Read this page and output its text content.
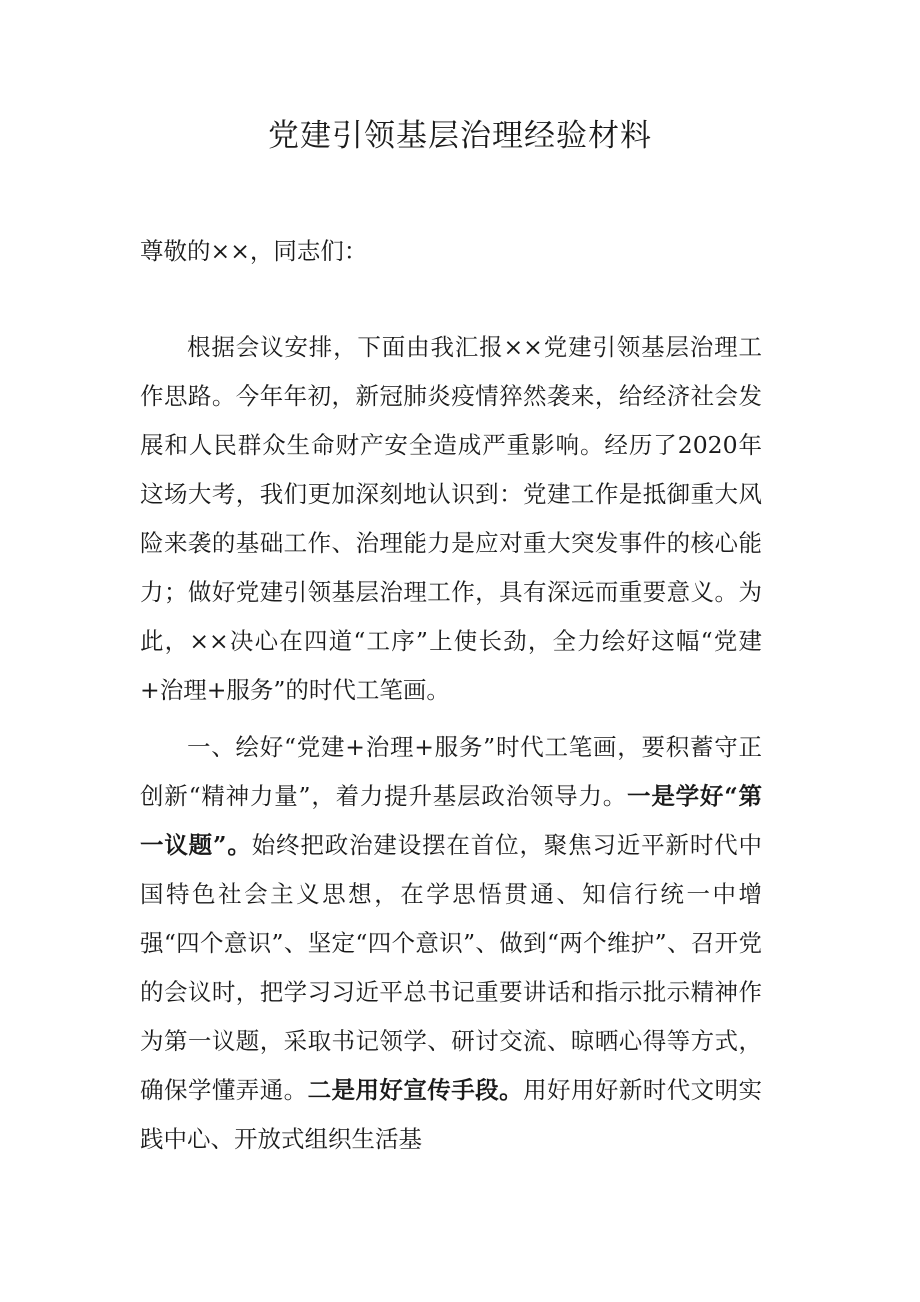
党建引领基层治理经验材料

尊敬的××，同志们：

根据会议安排，下面由我汇报××党建引领基层治理工作思路。今年年初，新冠肺炎疫情猝然袭来，给经济社会发展和人民群众生命财产安全造成严重影响。经历了2020年这场大考，我们更加深刻地认识到：党建工作是抵御重大风险来袭的基础工作、治理能力是应对重大突发事件的核心能力；做好党建引领基层治理工作，具有深远而重要意义。为此，××决心在四道“工序”上使长劲，全力绘好这幅“党建+治理+服务”的时代工笔画。

一、绘好“党建+治理+服务”时代工笔画，要积蓄守正创新“精神力量”，着力提升基层政治领导力。一是学好“第一议题”。始终把政治建设摆在首位，聚焦习近平新时代中国特色社会主义思想，在学思悟贯通、知信行统一中增强“四个意识”、坚定“四个意识”、做到“两个维护”、召开党的会议时，把学习习近平总书记重要讲话和指示批示精神作为第一议题，采取书记领学、研讨交流、晾晒心得等方式，确保学懂弄通。二是用好宣传手段。用好用好新时代文明实践中心、开放式组织生活基
